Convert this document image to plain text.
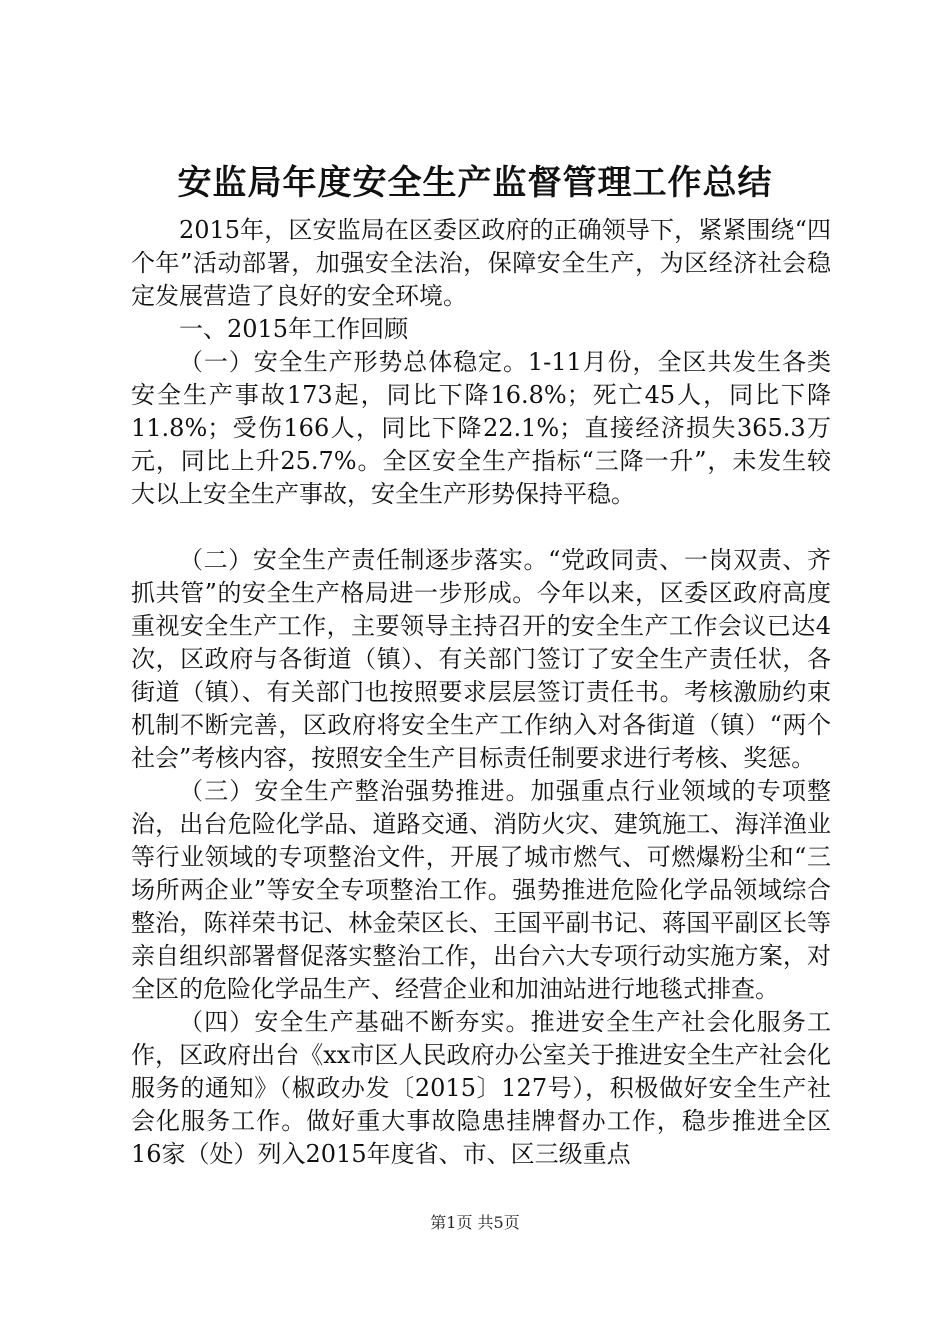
安监局年度安全生产监督管理工作总结

2015年，区安监局在区委区政府的正确领导下，紧紧围绕“四个年”活动部署，加强安全法治，保障安全生产，为区经济社会稳定发展营造了良好的安全环境。

一、2015年工作回顾

（一）安全生产形势总体稳定。1-11月份，全区共发生各类安全生产事故173起，同比下降16.8%；死亡45人，同比下降11.8%；受伤166人，同比下降22.1%；直接经济损失365.3万元，同比上升25.7%。全区安全生产指标“三降一升”，未发生较大以上安全生产事故，安全生产形势保持平稳。

（二）安全生产责任制逐步落实。“党政同责、一岗双责、齐抓共管”的安全生产格局进一步形成。今年以来，区委区政府高度重视安全生产工作，主要领导主持召开的安全生产工作会议已达4次，区政府与各街道（镇）、有关部门签订了安全生产责任状，各街道（镇）、有关部门也按照要求层层签订责任书。考核激励约束机制不断完善，区政府将安全生产工作纳入对各街道（镇）“两个社会”考核内容，按照安全生产目标责任制要求进行考核、奖惩。

（三）安全生产整治强势推进。加强重点行业领域的专项整治，出台危险化学品、道路交通、消防火灾、建筑施工、海洋渔业等行业领域的专项整治文件，开展了城市燃气、可燃爆粉尘和“三场所两企业”等安全专项整治工作。强势推进危险化学品领域综合整治，陈祥荣书记、林金荣区长、王国平副书记、蒋国平副区长等亲自组织部署督促落实整治工作，出台六大专项行动实施方案，对全区的危险化学品生产、经营企业和加油站进行地毯式排查。

（四）安全生产基础不断夯实。推进安全生产社会化服务工作，区政府出台《xx市区人民政府办公室关于推进安全生产社会化服务的通知》（椒政办发〔2015〕127号），积极做好安全生产社会化服务工作。做好重大事故隐患挂牌督办工作，稳步推进全区16家（处）列入2015年度省、市、区三级重点

第1页 共5页
